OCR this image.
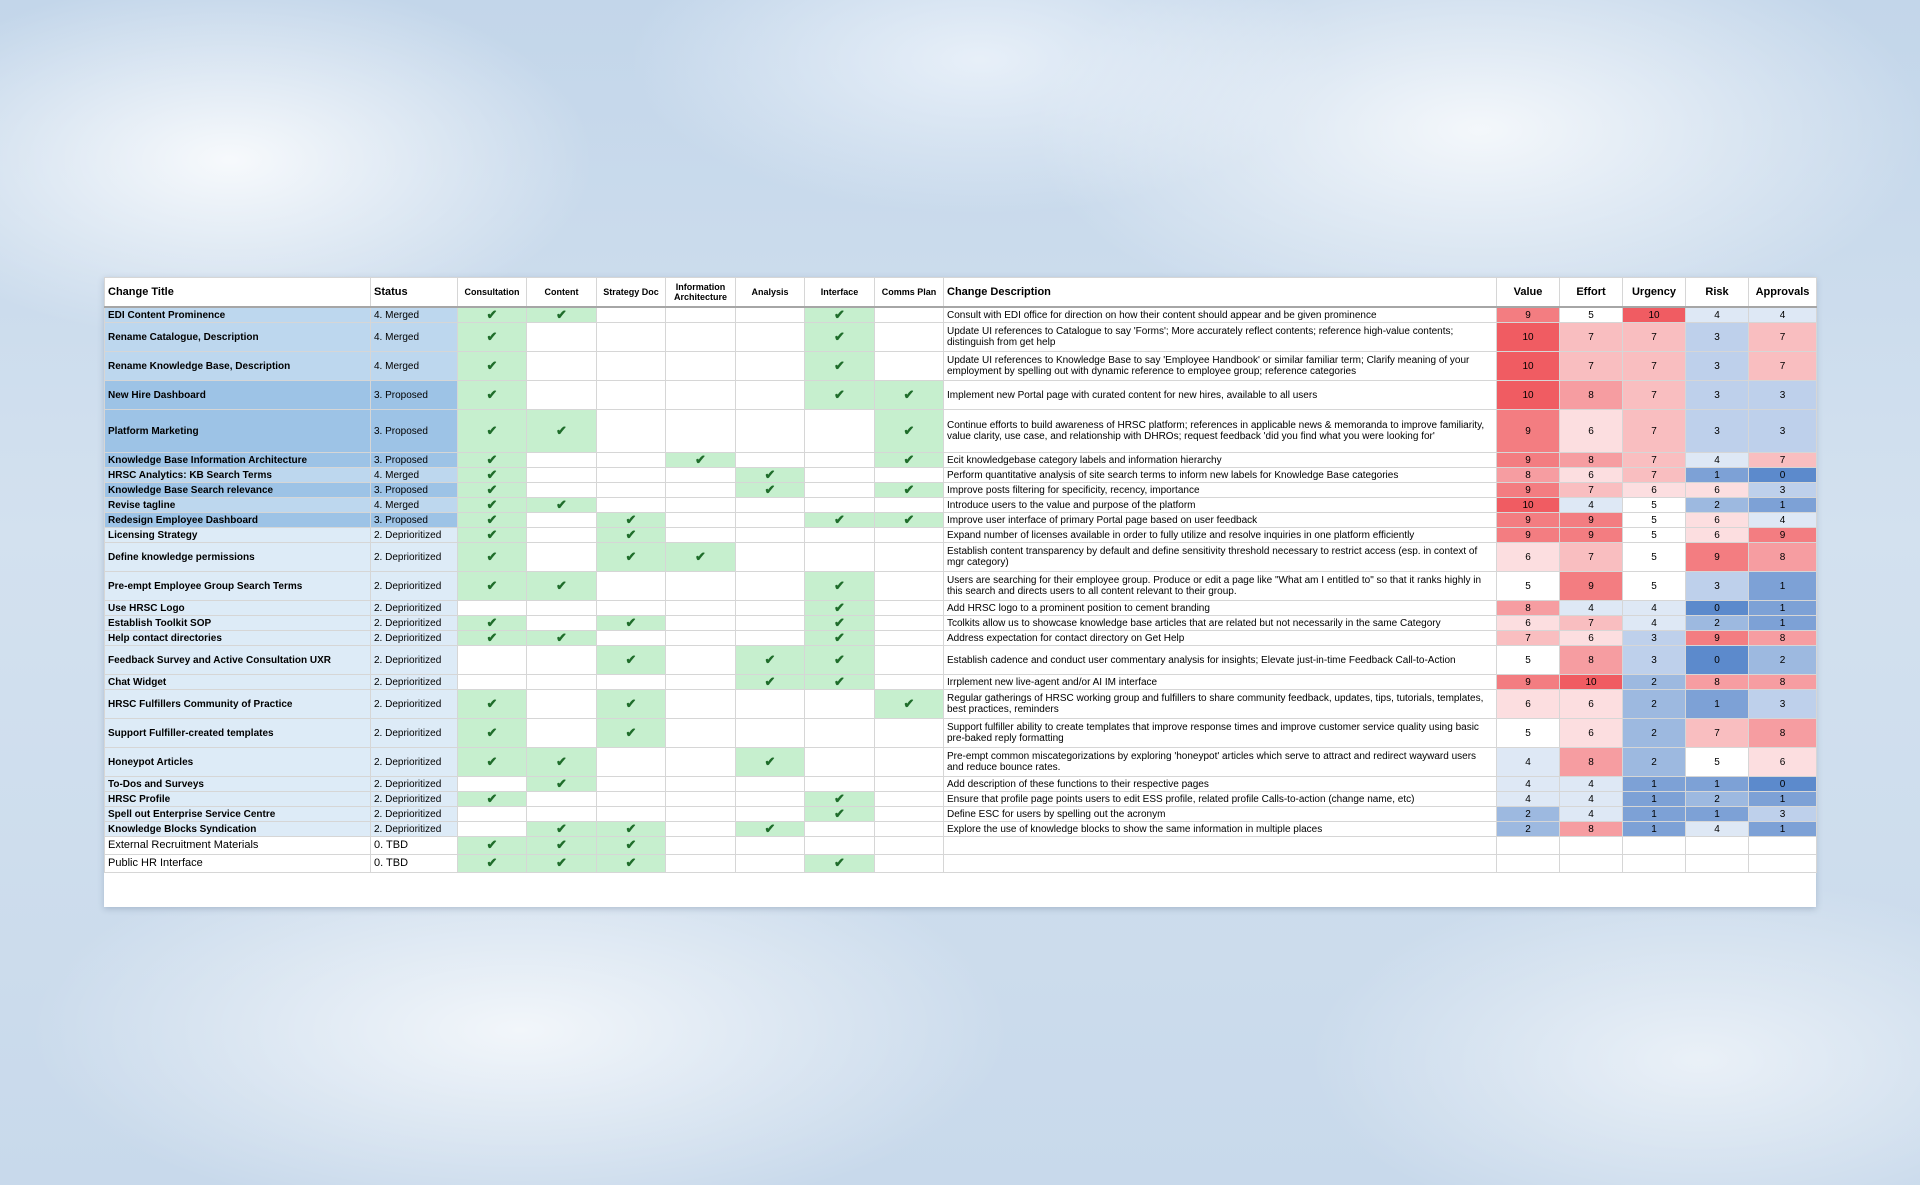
Change Title	Status	Consultation	Content	Strategy Doc	Information Architecture	Analysis	Interface	Comms Plan	Change Description	Value	Effort	Urgency	Risk	Approvals
EDI Content Prominence	4. Merged	✔	✔				✔		Consult with EDI office for direction on how their content should appear and be given prominence	9	5	10	4	4
Rename Catalogue, Description	4. Merged	✔					✔		Update UI references to Catalogue to say 'Forms'; More accurately reflect contents; reference high-value contents; distinguish from get help	10	7	7	3	7
Rename Knowledge Base, Description	4. Merged	✔					✔		Update UI references to Knowledge Base to say 'Employee Handbook' or similar familiar term; Clarify meaning of your employment by spelling out with dynamic reference to employee group; reference categories	10	7	7	3	7
New Hire Dashboard	3. Proposed	✔					✔	✔	Implement new Portal page with curated content for new hires, available to all users	10	8	7	3	3
Platform Marketing	3. Proposed	✔	✔					✔	Continue efforts to build awareness of HRSC platform; references in applicable news & memoranda to improve familiarity, value clarity, use case, and relationship with DHROs; request feedback 'did you find what you were looking for'	9	6	7	3	3
Knowledge Base Information Architecture	3. Proposed	✔			✔			✔	Ecit knowledgebase category labels and information hierarchy	9	8	7	4	7
HRSC Analytics: KB Search Terms	4. Merged	✔				✔			Perform quantitative analysis of site search terms to inform new labels for Knowledge Base categories	8	6	7	1	0
Knowledge Base Search relevance	3. Proposed	✔				✔		✔	Improve posts filtering for specificity, recency, importance	9	7	6	6	3
Revise tagline	4. Merged	✔	✔						Introduce users to the value and purpose of the platform	10	4	5	2	1
Redesign Employee Dashboard	3. Proposed	✔		✔			✔	✔	Improve user interface of primary Portal page based on user feedback	9	9	5	6	4
Licensing Strategy	2. Deprioritized	✔		✔					Expand number of licenses available in order to fully utilize and resolve inquiries in one platform efficiently	9	9	5	6	9
Define knowledge permissions	2. Deprioritized	✔		✔	✔				Establish content transparency by default and define sensitivity threshold necessary to restrict access (esp. in context of mgr category)	6	7	5	9	8
Pre-empt Employee Group Search Terms	2. Deprioritized	✔	✔				✔		Users are searching for their employee group. Produce or edit a page like "What am I entitled to" so that it ranks highly in this search and directs users to all content relevant to their group.	5	9	5	3	1
Use HRSC Logo	2. Deprioritized						✔		Add HRSC logo to a prominent position to cement branding	8	4	4	0	1
Establish Toolkit SOP	2. Deprioritized	✔		✔			✔		Tcolkits allow us to showcase knowledge base articles that are related but not necessarily in the same Category	6	7	4	2	1
Help contact directories	2. Deprioritized	✔	✔				✔		Address expectation for contact directory on Get Help	7	6	3	9	8
Feedback Survey and Active Consultation UXR	2. Deprioritized			✔		✔	✔		Establish cadence and conduct user commentary analysis for insights; Elevate just-in-time Feedback Call-to-Action	5	8	3	0	2
Chat Widget	2. Deprioritized					✔	✔		Irrplement new live-agent and/or AI IM interface	9	10	2	8	8
HRSC Fulfillers Community of Practice	2. Deprioritized	✔		✔				✔	Regular gatherings of HRSC working group and fulfillers to share community feedback, updates, tips, tutorials, templates, best practices, reminders	6	6	2	1	3
Support Fulfiller-created templates	2. Deprioritized	✔		✔					Support fulfiller ability to create templates that improve response times and improve customer service quality using basic pre-baked reply formatting	5	6	2	7	8
Honeypot Articles	2. Deprioritized	✔	✔			✔			Pre-empt common miscategorizations by exploring 'honeypot' articles which serve to attract and redirect wayward users and reduce bounce rates.	4	8	2	5	6
To-Dos and Surveys	2. Deprioritized		✔						Add description of these functions to their respective pages	4	4	1	1	0
HRSC Profile	2. Deprioritized	✔					✔		Ensure that profile page points users to edit ESS profile, related profile Calls-to-action (change name, etc)	4	4	1	2	1
Spell out Enterprise Service Centre	2. Deprioritized						✔		Define ESC for users by spelling out the acronym	2	4	1	1	3
Knowledge Blocks Syndication	2. Deprioritized		✔	✔		✔			Explore the use of knowledge blocks to show the same information in multiple places	2	8	1	4	1
External Recruitment Materials	0. TBD	✔	✔	✔										
Public HR Interface	0. TBD	✔	✔	✔			✔							
